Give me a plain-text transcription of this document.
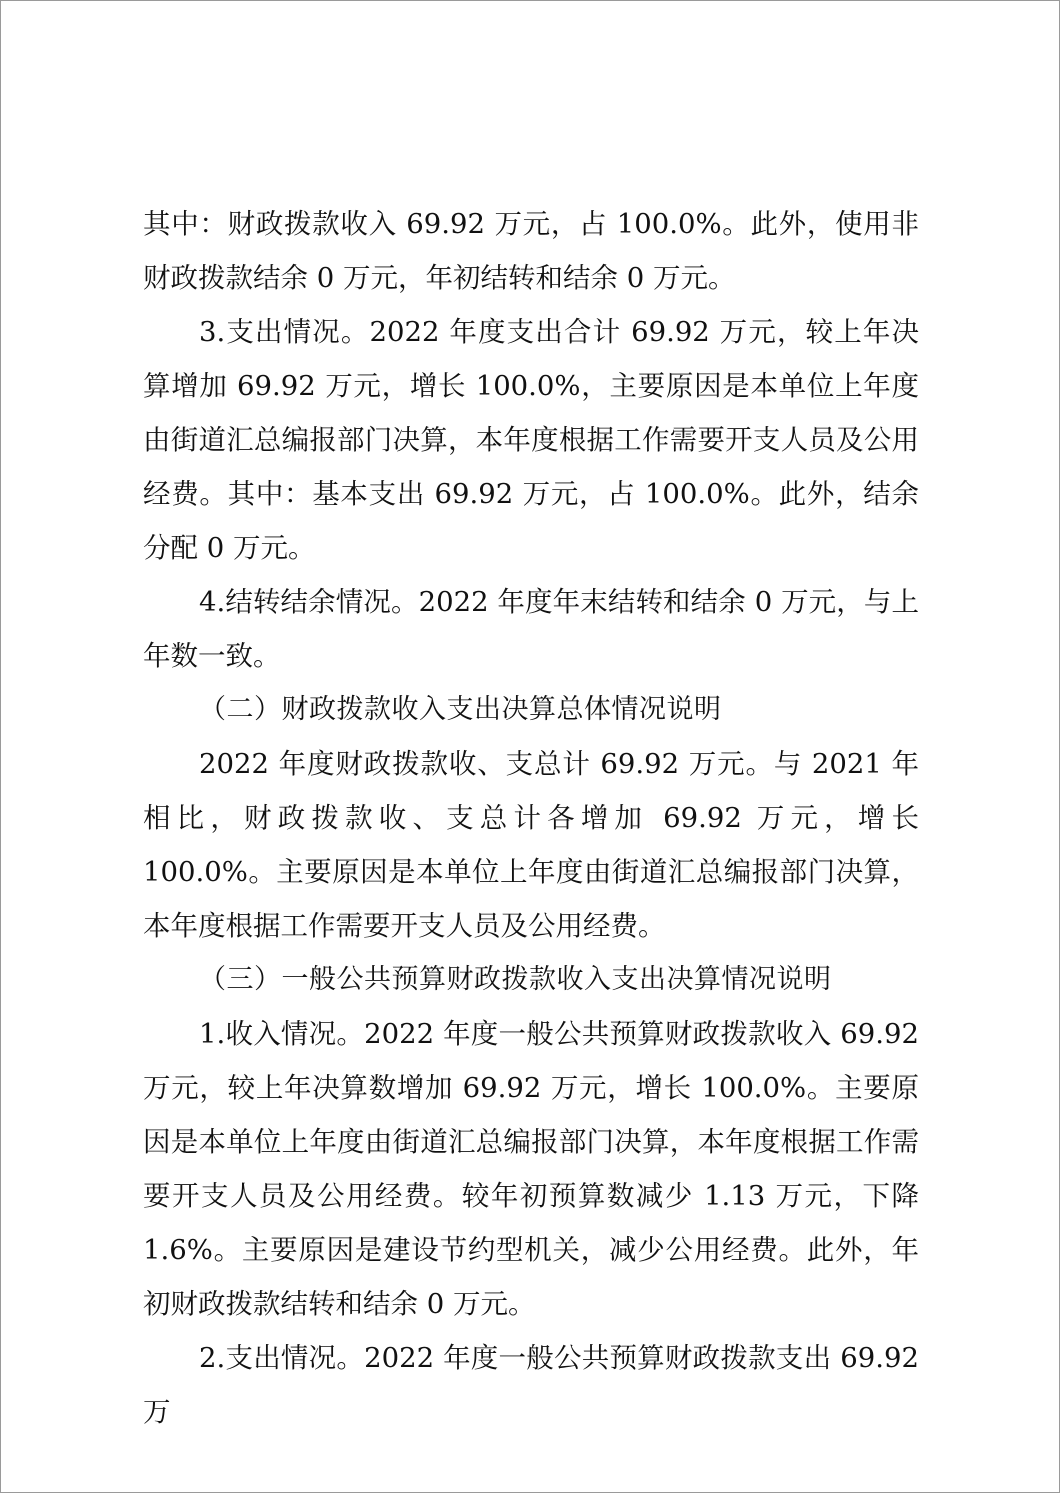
其中：财政拨款收入 69.92 万元，占 100.0%。此外，使用非财政拨款结余 0 万元，年初结转和结余 0 万元。

3.支出情况。2022 年度支出合计 69.92 万元，较上年决算增加 69.92 万元，增长 100.0%，主要原因是本单位上年度由街道汇总编报部门决算，本年度根据工作需要开支人员及公用经费。其中：基本支出 69.92 万元，占 100.0%。此外，结余分配 0 万元。

4.结转结余情况。2022 年度年末结转和结余 0 万元，与上年数一致。

（二）财政拨款收入支出决算总体情况说明

2022 年度财政拨款收、支总计 69.92 万元。与 2021 年相比，财政拨款收、支总计各增加 69.92 万元，增长 100.0%。主要原因是本单位上年度由街道汇总编报部门决算，本年度根据工作需要开支人员及公用经费。

（三）一般公共预算财政拨款收入支出决算情况说明

1.收入情况。2022 年度一般公共预算财政拨款收入 69.92 万元，较上年决算数增加 69.92 万元，增长 100.0%。主要原因是本单位上年度由街道汇总编报部门决算，本年度根据工作需要开支人员及公用经费。较年初预算数减少 1.13 万元，下降 1.6%。主要原因是建设节约型机关，减少公用经费。此外，年初财政拨款结转和结余 0 万元。

2.支出情况。2022 年度一般公共预算财政拨款支出 69.92 万
